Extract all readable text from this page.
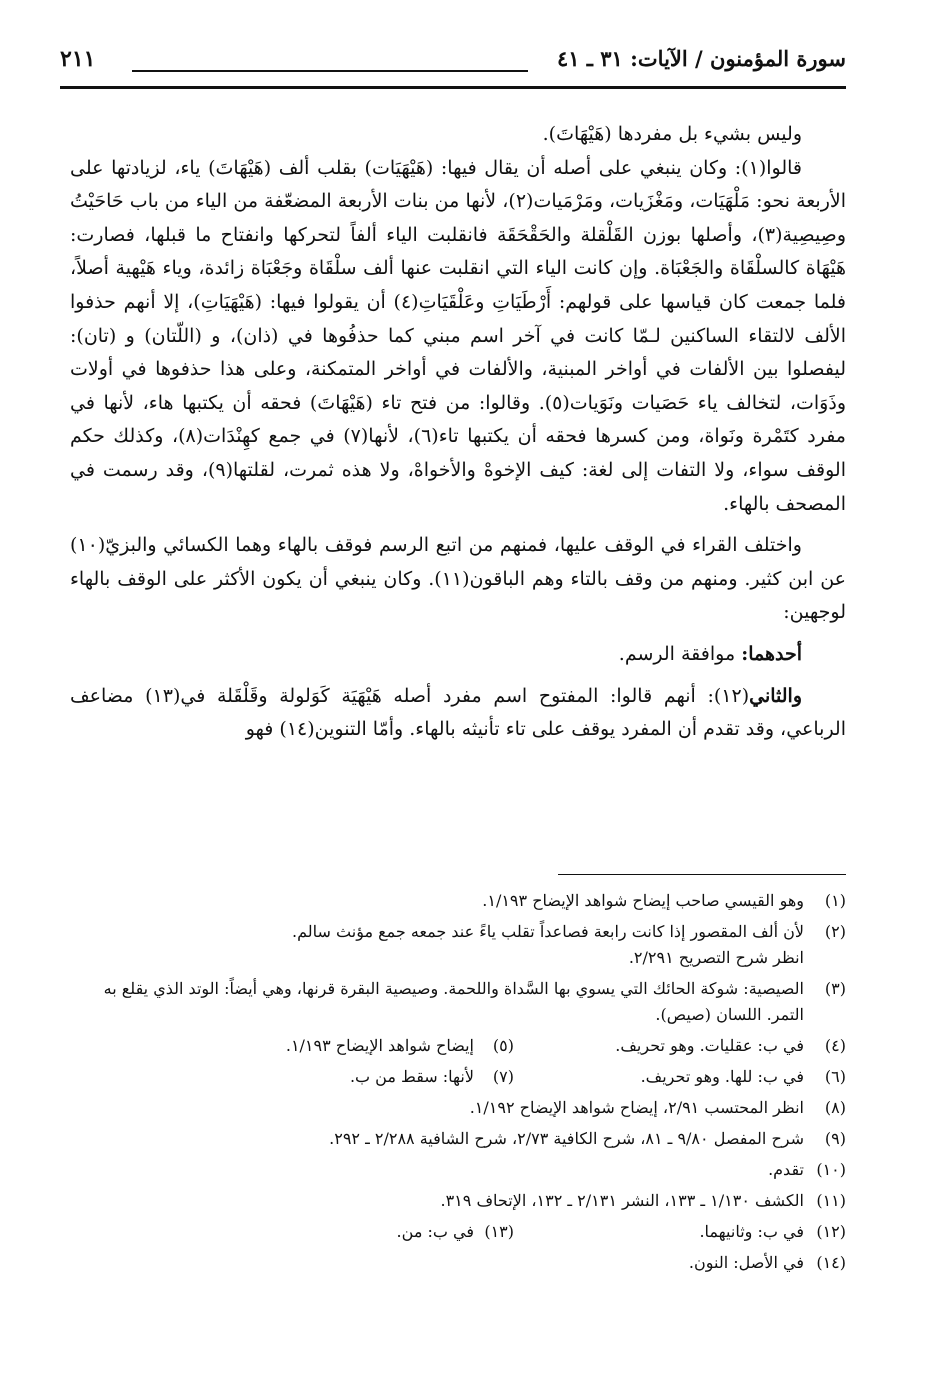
سورة المؤمنون / الآيات: ٣١ ـ ٤١
٢١١

وليس بشيء بل مفردها (هَيْهَاتَ).

قالوا(١): وكان ينبغي على أصله أن يقال فيها: (هَيْهَيَات) بقلب ألف (هَيْهَاتَ) ياء، لزيادتها على الأربعة نحو: مَلْهَيَات، ومَغْزَيات، ومَرْمَيات(٢)، لأنها من بنات الأربعة المضعّفة من الياء من باب حَاحَيْتُ وصِيصِية(٣)، وأصلها بوزن القَلْقلة والحَقْحَقَة فانقلبت الياء ألفاً لتحركها وانفتاح ما قبلها، فصارت: هَيْهَاة كالسلْقَاة والجَعْبَاة. وإن كانت الياء التي انقلبت عنها ألف سلْقَاة وجَعْبَاة زائدة، وياء هَيْهية أصلاً، فلما جمعت كان قياسها على قولهم: أَرْطَيَاتِ وعَلْقَيَاتِ(٤) أن يقولوا فيها: (هَيْهَيَاتِ)، إلا أنهم حذفوا الألف لالتقاء الساكنين لـمّا كانت في آخر اسم مبني كما حذفُوها في (ذان)، و (اللّتان) و (تان): ليفصلوا بين الألفات في أواخر المبنية، والألفات في أواخر المتمكنة، وعلى هذا حذفوها في أولات وذَوَات، لتخالف ياء حَصَيات ونَوَيات(٥). وقالوا: من فتح تاء (هَيْهَاتَ) فحقه أن يكتبها هاء، لأنها في مفرد كتَمْرة ونَواة، ومن كسرها فحقه أن يكتبها تاء(٦)، لأنها(٧) في جمع كهِنْدَات(٨)، وكذلك حكم الوقف سواء، ولا التفات إلى لغة: كيف الإخوهْ والأخواهْ، ولا هذه ثمرت، لقلتها(٩)، وقد رسمت في المصحف بالهاء.

واختلف القراء في الوقف عليها، فمنهم من اتبع الرسم فوقف بالهاء وهما الكسائي والبزيّ(١٠) عن ابن كثير. ومنهم من وقف بالتاء وهم الباقون(١١). وكان ينبغي أن يكون الأكثر على الوقف بالهاء لوجهين:

أحدهما: موافقة الرسم.

والثاني(١٢): أنهم قالوا: المفتوح اسم مفرد أصله هَيْهَيَة كَوَلولة وقَلْقَلة في(١٣) مضاعف الرباعي، وقد تقدم أن المفرد يوقف على تاء تأنيثه بالهاء. وأمّا التنوين(١٤) فهو

(١)
وهو القيسي صاحب إيضاح شواهد الإيضاح ١/١٩٣.
(٢)
لأن ألف المقصور إذا كانت رابعة فصاعداً تقلب ياءً عند جمعه جمع مؤنث سالم.
انظر شرح التصريح ٢/٢٩١.
(٣)
الصيصية: شوكة الحائك التي يسوي بها السَّداة واللحمة. وصيصية البقرة قرنها، وهي أيضاً: الوتد الذي يقلع به التمر. اللسان (صيص).
(٤)
في ب: عقليات. وهو تحريف.
(٥)
إيضاح شواهد الإيضاح ١/١٩٣.
(٦)
في ب: للها. وهو تحريف.
(٧)
لأنها: سقط من ب.
(٨)
انظر المحتسب ٢/٩١، إيضاح شواهد الإيضاح ١/١٩٢.
(٩)
شرح المفصل ٩/٨٠ ـ ٨١، شرح الكافية ٢/٧٣، شرح الشافية ٢/٢٨٨ ـ ٢٩٢.
(١٠)
تقدم.
(١١)
الكشف ١/١٣٠ ـ ١٣٣، النشر ٢/١٣١ ـ ١٣٢، الإتحاف ٣١٩.
(١٢)
في ب: وثانيهما.
(١٣)
في ب: من.
(١٤)
في الأصل: النون.
